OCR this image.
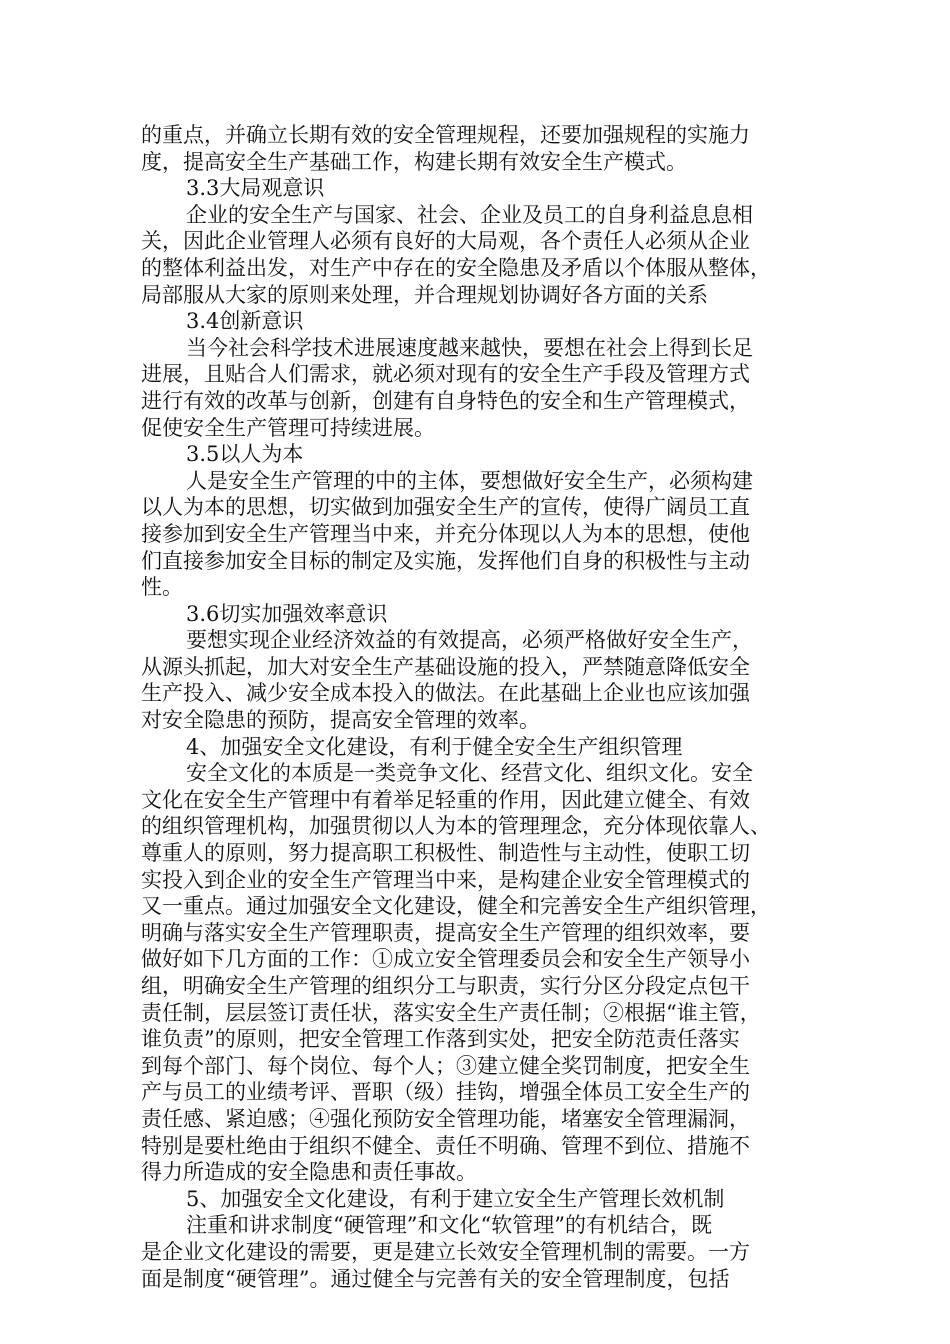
的重点，并确立长期有效的安全管理规程，还要加强规程的实施力
度，提高安全生产基础工作，构建长期有效安全生产模式。
3.3大局观意识
企业的安全生产与国家、社会、企业及员工的自身利益息息相
关，因此企业管理人必须有良好的大局观，各个责任人必须从企业
的整体利益出发，对生产中存在的安全隐患及矛盾以个体服从整体，
局部服从大家的原则来处理，并合理规划协调好各方面的关系
3.4创新意识
当今社会科学技术进展速度越来越快，要想在社会上得到长足
进展，且贴合人们需求，就必须对现有的安全生产手段及管理方式
进行有效的改革与创新，创建有自身特色的安全和生产管理模式，
促使安全生产管理可持续进展。
3.5以人为本
人是安全生产管理的中的主体，要想做好安全生产，必须构建
以人为本的思想，切实做到加强安全生产的宣传，使得广阔员工直
接参加到安全生产管理当中来，并充分体现以人为本的思想，使他
们直接参加安全目标的制定及实施，发挥他们自身的积极性与主动
性。
3.6切实加强效率意识
要想实现企业经济效益的有效提高，必须严格做好安全生产，
从源头抓起，加大对安全生产基础设施的投入，严禁随意降低安全
生产投入、减少安全成本投入的做法。在此基础上企业也应该加强
对安全隐患的预防，提高安全管理的效率。
4、加强安全文化建设，有利于健全安全生产组织管理
安全文化的本质是一类竞争文化、经营文化、组织文化。安全
文化在安全生产管理中有着举足轻重的作用，因此建立健全、有效
的组织管理机构，加强贯彻以人为本的管理理念，充分体现依靠人、
尊重人的原则，努力提高职工积极性、制造性与主动性，使职工切
实投入到企业的安全生产管理当中来，是构建企业安全管理模式的
又一重点。通过加强安全文化建设，健全和完善安全生产组织管理，
明确与落实安全生产管理职责，提高安全生产管理的组织效率，要
做好如下几方面的工作：①成立安全管理委员会和安全生产领导小
组，明确安全生产管理的组织分工与职责，实行分区分段定点包干
责任制，层层签订责任状，落实安全生产责任制；②根据“谁主管，
谁负责”的原则，把安全管理工作落到实处，把安全防范责任落实
到每个部门、每个岗位、每个人；③建立健全奖罚制度，把安全生
产与员工的业绩考评、晋职（级）挂钩，增强全体员工安全生产的
责任感、紧迫感；④强化预防安全管理功能，堵塞安全管理漏洞，
特别是要杜绝由于组织不健全、责任不明确、管理不到位、措施不
得力所造成的安全隐患和责任事故。
5、加强安全文化建设，有利于建立安全生产管理长效机制
注重和讲求制度“硬管理”和文化“软管理”的有机结合，既
是企业文化建设的需要，更是建立长效安全管理机制的需要。一方
面是制度“硬管理”。通过健全与完善有关的安全管理制度，包括
